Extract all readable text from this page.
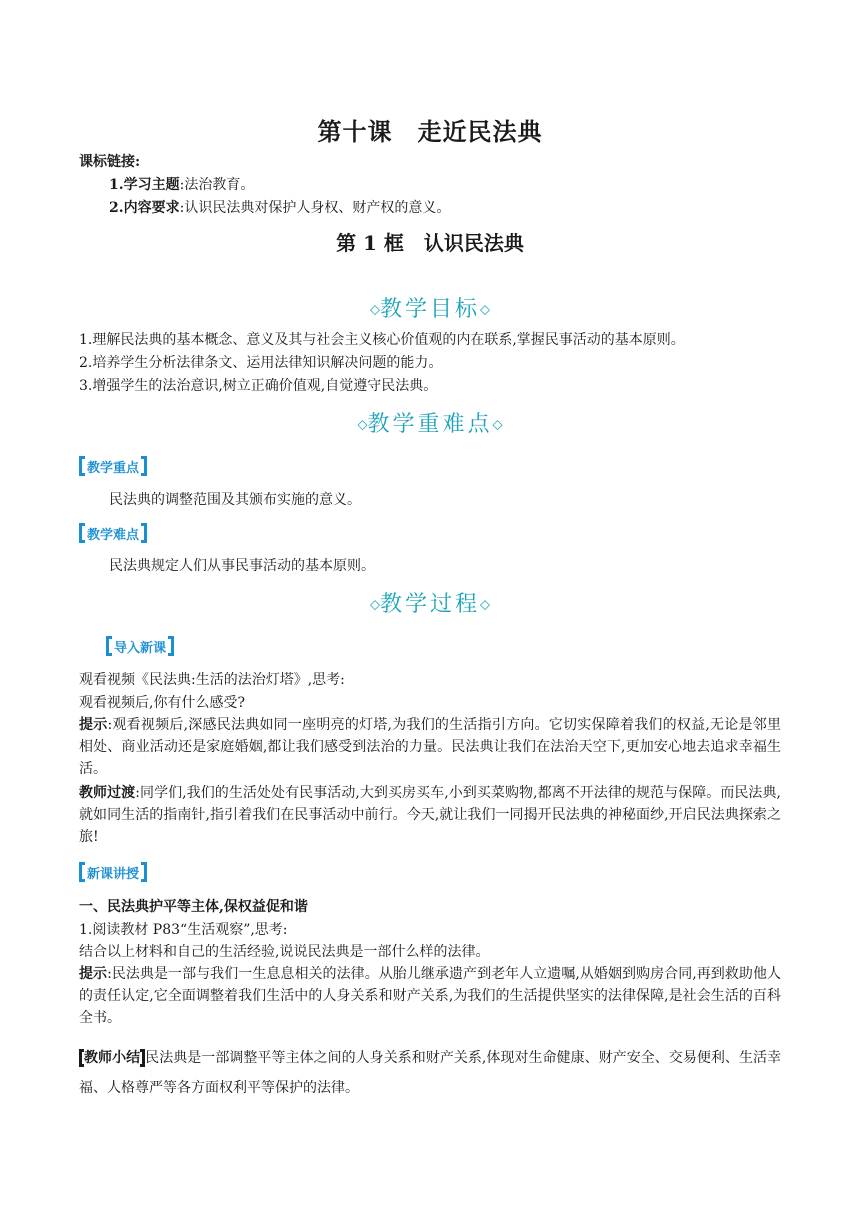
第十课　走近民法典
课标链接:
1.学习主题:法治教育。
2.内容要求:认识民法典对保护人身权、财产权的意义。
第 1 框　认识民法典
◇教学目标◇
1.理解民法典的基本概念、意义及其与社会主义核心价值观的内在联系,掌握民事活动的基本原则。
2.培养学生分析法律条文、运用法律知识解决问题的能力。
3.增强学生的法治意识,树立正确价值观,自觉遵守民法典。
◇教学重难点◇
教学重点
民法典的调整范围及其颁布实施的意义。
教学难点
民法典规定人们从事民事活动的基本原则。
◇教学过程◇
导入新课
观看视频《民法典:生活的法治灯塔》,思考:
观看视频后,你有什么感受?
提示:观看视频后,深感民法典如同一座明亮的灯塔,为我们的生活指引方向。它切实保障着我们的权益,无论是邻里相处、商业活动还是家庭婚姻,都让我们感受到法治的力量。民法典让我们在法治天空下,更加安心地去追求幸福生活。
教师过渡:同学们,我们的生活处处有民事活动,大到买房买车,小到买菜购物,都离不开法律的规范与保障。而民法典,就如同生活的指南针,指引着我们在民事活动中前行。今天,就让我们一同揭开民法典的神秘面纱,开启民法典探索之旅!
新课讲授
一、民法典护平等主体,保权益促和谐
1.阅读教材 P83“生活观察”,思考:
结合以上材料和自己的生活经验,说说民法典是一部什么样的法律。
提示:民法典是一部与我们一生息息相关的法律。从胎儿继承遗产到老年人立遗嘱,从婚姻到购房合同,再到救助他人的责任认定,它全面调整着我们生活中的人身关系和财产关系,为我们的生活提供坚实的法律保障,是社会生活的百科全书。
教师小结 民法典是一部调整平等主体之间的人身关系和财产关系,体现对生命健康、财产安全、交易便利、生活幸福、人格尊严等各方面权利平等保护的法律。
